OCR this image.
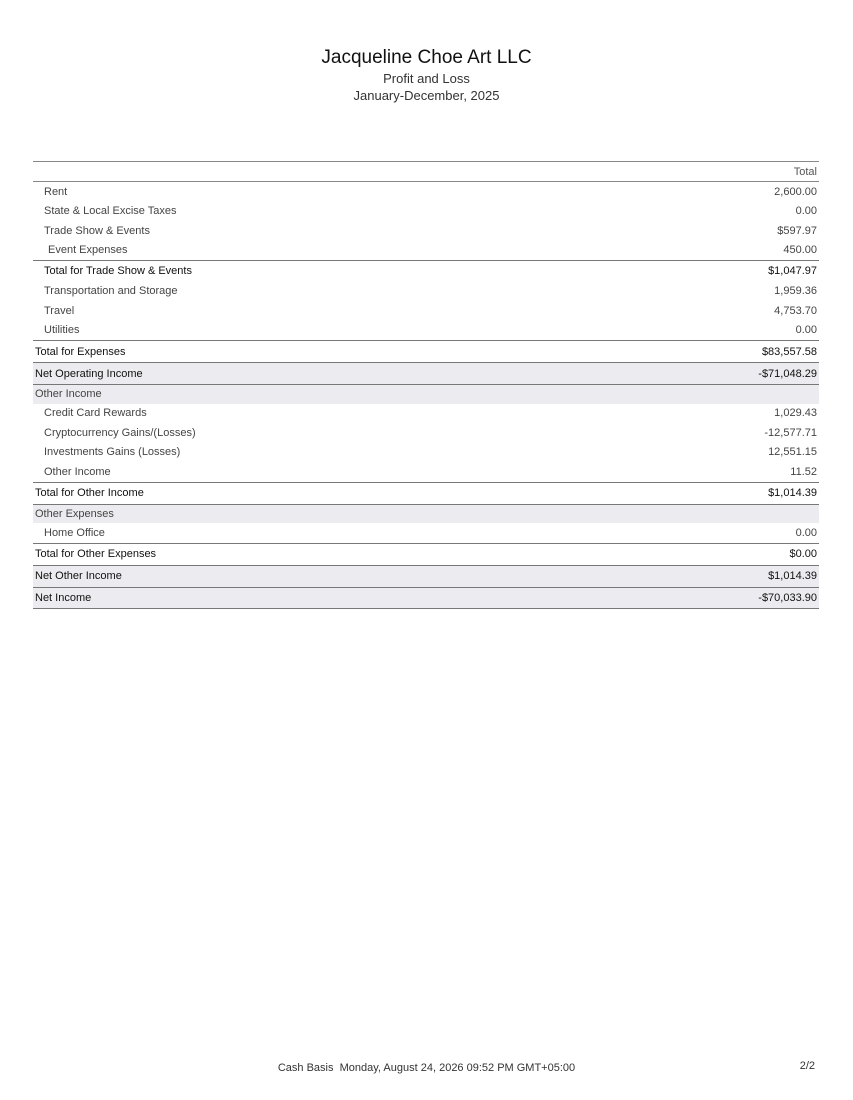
Jacqueline Choe Art LLC
Profit and Loss
January-December, 2025
Total
Rent	2,600.00
State & Local Excise Taxes	0.00
Trade Show & Events	$597.97
Event Expenses	450.00
Total for Trade Show & Events	$1,047.97
Transportation and Storage	1,959.36
Travel	4,753.70
Utilities	0.00
Total for Expenses	$83,557.58
Net Operating Income	-$71,048.29
Other Income
Credit Card Rewards	1,029.43
Cryptocurrency Gains/(Losses)	-12,577.71
Investments Gains (Losses)	12,551.15
Other Income	11.52
Total for Other Income	$1,014.39
Other Expenses
Home Office	0.00
Total for Other Expenses	$0.00
Net Other Income	$1,014.39
Net Income	-$70,033.90
Cash Basis Monday, August 24, 2026 09:52 PM GMT+05:00	2/2
